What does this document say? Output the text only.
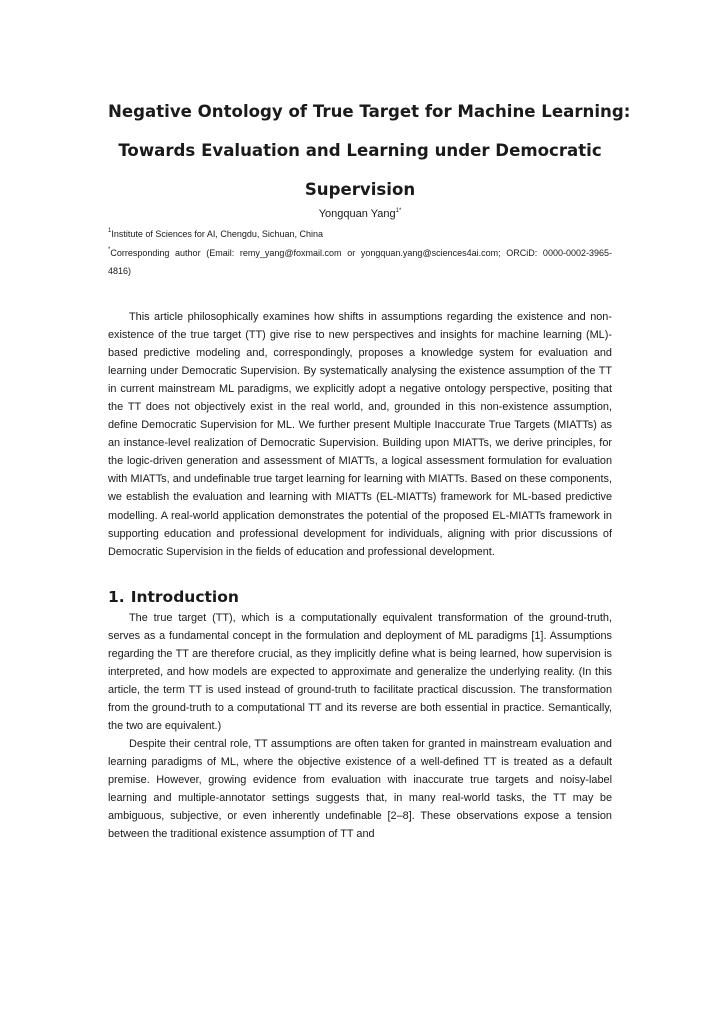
Negative Ontology of True Target for Machine Learning:
Towards Evaluation and Learning under Democratic
Supervision
Yongquan Yang$^{1*}$

$^1$Institute of Sciences for AI, Chengdu, Sichuan, China

*Corresponding author (Email: remy_yang@foxmail.com or yongquan.yang@sciences4ai.com; ORCiD: 0000-0002-3965-4816)

This article philosophically examines how shifts in assumptions regarding the existence and non-existence of the true target (TT) give rise to new perspectives and insights for machine learning (ML)-based predictive modeling and, correspondingly, proposes a knowledge system for evaluation and learning under Democratic Supervision. By systematically analysing the existence assumption of the TT in current mainstream ML paradigms, we explicitly adopt a negative ontology perspective, positing that the TT does not objectively exist in the real world, and, grounded in this non-existence assumption, define Democratic Supervision for ML. We further present Multiple Inaccurate True Targets (MIATTs) as an instance-level realization of Democratic Supervision. Building upon MIATTs, we derive principles, for the logic-driven generation and assessment of MIATTs, a logical assessment formulation for evaluation with MIATTs, and undefinable true target learning for learning with MIATTs. Based on these components, we establish the evaluation and learning with MIATTs (EL-MIATTs) framework for ML-based predictive modelling. A real-world application demonstrates the potential of the proposed EL-MIATTs framework in supporting education and professional development for individuals, aligning with prior discussions of Democratic Supervision in the fields of education and professional development.

1. Introduction

The true target (TT), which is a computationally equivalent transformation of the ground-truth, serves as a fundamental concept in the formulation and deployment of ML paradigms [1]. Assumptions regarding the TT are therefore crucial, as they implicitly define what is being learned, how supervision is interpreted, and how models are expected to approximate and generalize the underlying reality. (In this article, the term TT is used instead of ground-truth to facilitate practical discussion. The transformation from the ground-truth to a computational TT and its reverse are both essential in practice. Semantically, the two are equivalent.)

Despite their central role, TT assumptions are often taken for granted in mainstream evaluation and learning paradigms of ML, where the objective existence of a well-defined TT is treated as a default premise. However, growing evidence from evaluation with inaccurate true targets and noisy-label learning and multiple-annotator settings suggests that, in many real-world tasks, the TT may be ambiguous, subjective, or even inherently undefinable [2–8]. These observations expose a tension between the traditional existence assumption of TT and
